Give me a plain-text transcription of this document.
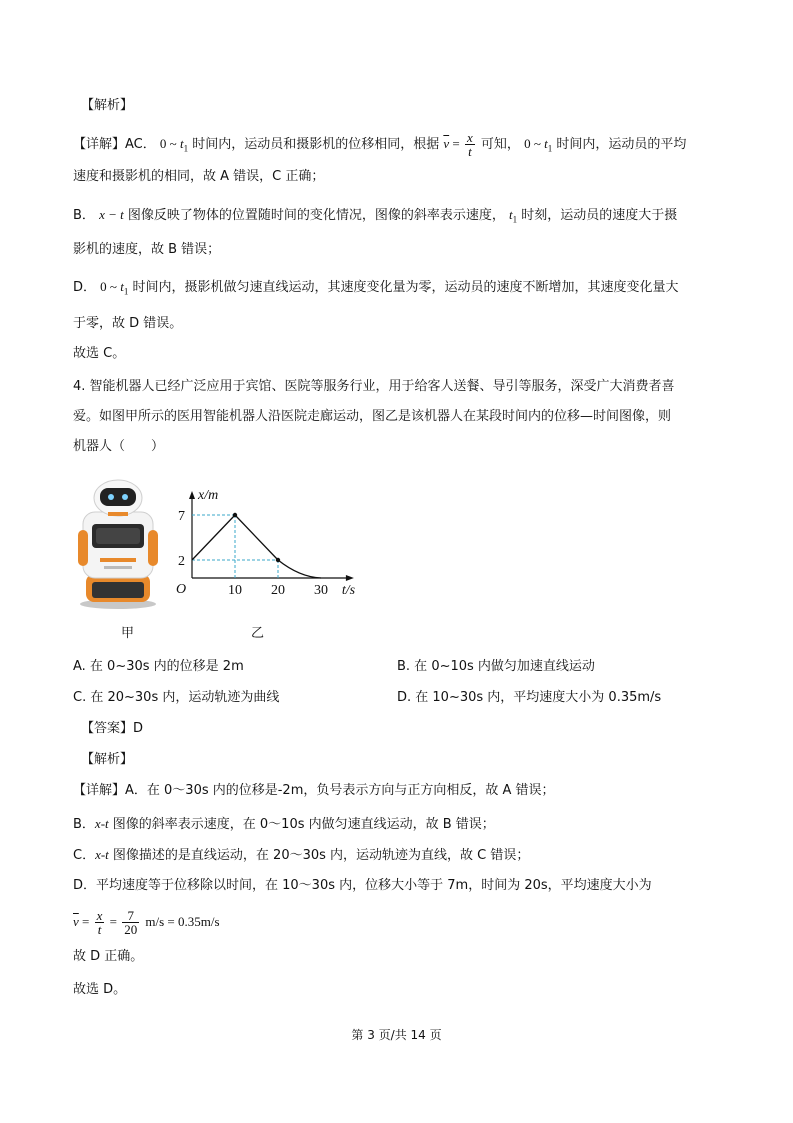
【解析】
【详解】AC． 0 ~ $t_1$ 时间内，运动员和摄影机的位移相同，根据 $\overline{v} = \frac{x}{t}$ 可知， 0 ~ $t_1$ 时间内，运动员的平均
速度和摄影机的相同，故 A 错误，C 正确；
B． x − t 图像反映了物体的位置随时间的变化情况，图像的斜率表示速度， $t_1$ 时刻，运动员的速度大于摄
影机的速度，故 B 错误；
D． 0 ~ $t_1$ 时间内，摄影机做匀速直线运动，其速度变化量为零，运动员的速度不断增加，其速度变化量大
于零，故 D 错误。
故选 C。
4. 智能机器人已经广泛应用于宾馆、医院等服务行业，用于给客人送餐、导引等服务，深受广大消费者喜
爱。如图甲所示的医用智能机器人沿医院走廊运动，图乙是该机器人在某段时间内的位移—时间图像，则
机器人（　　）
x/m
t/s
O	10 20 30
2
7
甲	乙
A. 在 0~30s 内的位移是 2m	B. 在 0~10s 内做匀加速直线运动
C. 在 20~30s 内，运动轨迹为曲线	D. 在 10~30s 内，平均速度大小为 0.35m/s
【答案】D
【解析】
【详解】A．在 0～30s 内的位移是-2m，负号表示方向与正方向相反，故 A 错误；
B．x-t 图像的斜率表示速度，在 0～10s 内做匀速直线运动，故 B 错误；
C．x-t 图像描述的是直线运动，在 20～30s 内，运动轨迹为直线，故 C 错误；
D．平均速度等于位移除以时间，在 10～30s 内，位移大小等于 7m，时间为 20s，平均速度大小为
$\overline{v} = \frac{x}{t} = \frac{7}{20} m/s = 0.35m/s$
故 D 正确。
故选 D。
第 3 页/共 14 页
